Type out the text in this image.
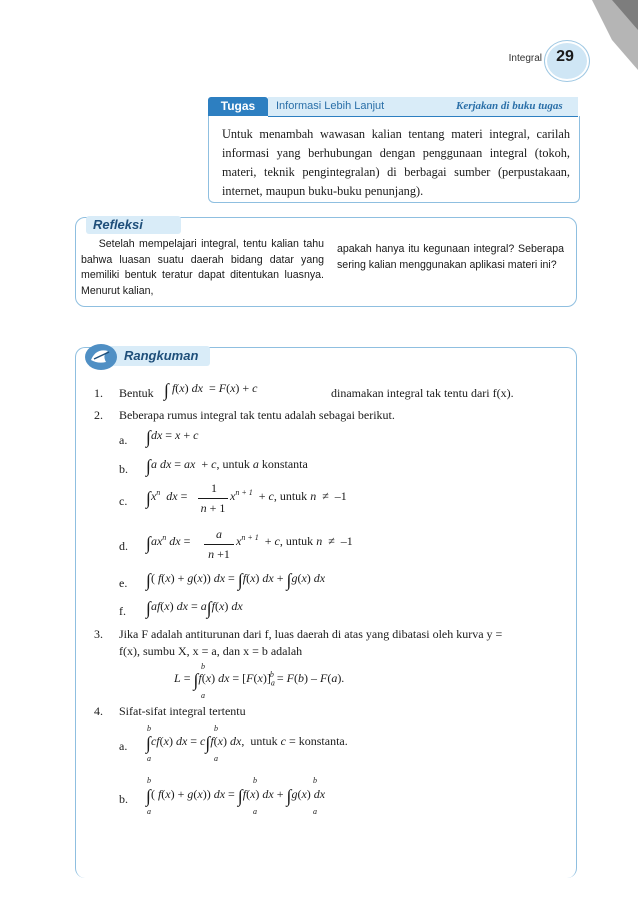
Integral 29
Tugas	Informasi Lebih Lanjut	Kerjakan di buku tugas
Untuk menambah wawasan kalian tentang materi integral, carilah informasi yang berhubungan dengan penggunaan integral (tokoh, materi, teknik pengintegralan) di berbagai sumber (perpustakaan, internet, maupun buku-buku penunjang).
Refleksi
Setelah mempelajari integral, tentu kalian tahu bahwa luasan suatu daerah bidang datar yang memiliki bentuk teratur dapat ditentukan luasnya. Menurut kalian,
apakah hanya itu kegunaan integral? Seberapa sering kalian menggunakan aplikasi materi ini?
Rangkuman
1. Bentuk ∫ f(x) dx  = F(x) + c	dinamakan integral tak tentu dari f(x).
2. Beberapa rumus integral tak tentu adalah sebagai berikut.
a. ∫dx = x + c
b. ∫a dx = ax  + c, untuk a konstanta
c. $\int x^n$ dx =
1
n + 1
$x^{n + 1} + c$, untuk n  ≠  –1
d. $\int ax^n$ dx =	a
n +1
$x^{n + 1} + c$, untuk n  ≠  –1
e. ∫( f(x) + g(x)) dx = ∫f(x) dx + ∫g(x) dx
f. ∫af(x) dx = a∫f(x) dx
3. Jika F adalah antiturunan dari f, luas daerah di atas yang dibatasi oleh kurva y =
f(x), sumbu X, x = a, dan x = b adalah
b
a
L = ∫f(x) dx = $[F(x)]_a^b = F(b) - F(a)$.
4. Sifat-sifat integral tertentu
a.
b
a
b
a
∫cf(x) dx = c∫f(x) dx,  untuk c = konstanta.
b.
b
a
b
a
b
a
∫( f(x) + g(x)) dx = ∫f(x) dx + ∫g(x) dx
